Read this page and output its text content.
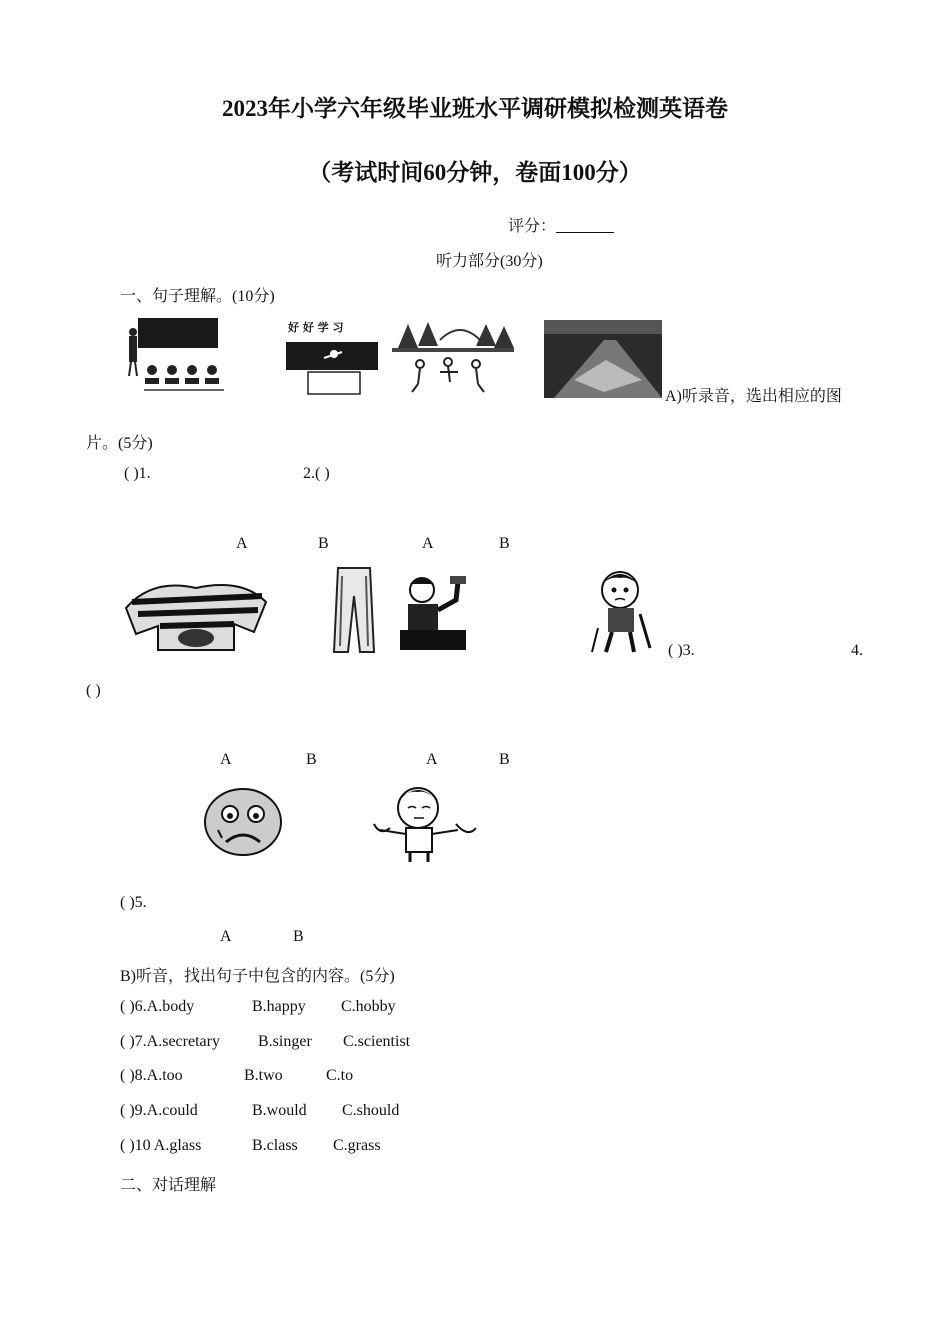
2023年小学六年级毕业班水平调研模拟检测英语卷
（考试时间60分钟，卷面100分）
评分：
听力部分(30分)
一、句子理解。(10分)
好 好 学 习
A)听录音，选出相应的图
片。(5分)
( )1.	2.( )
A	B	A	B
( )3.	4.
( )
A	B	A	B
( )5.
A	B
B)听音，找出句子中包含的内容。(5分)
( )6.A.body	B.happy C.hobby
( )7.A.secretary B.singer C.scientist
( )8.A.too	B.two	C.to
( )9.A.could	B.would C.should
( )10 A.glass	B.class C.grass
二、对话理解
